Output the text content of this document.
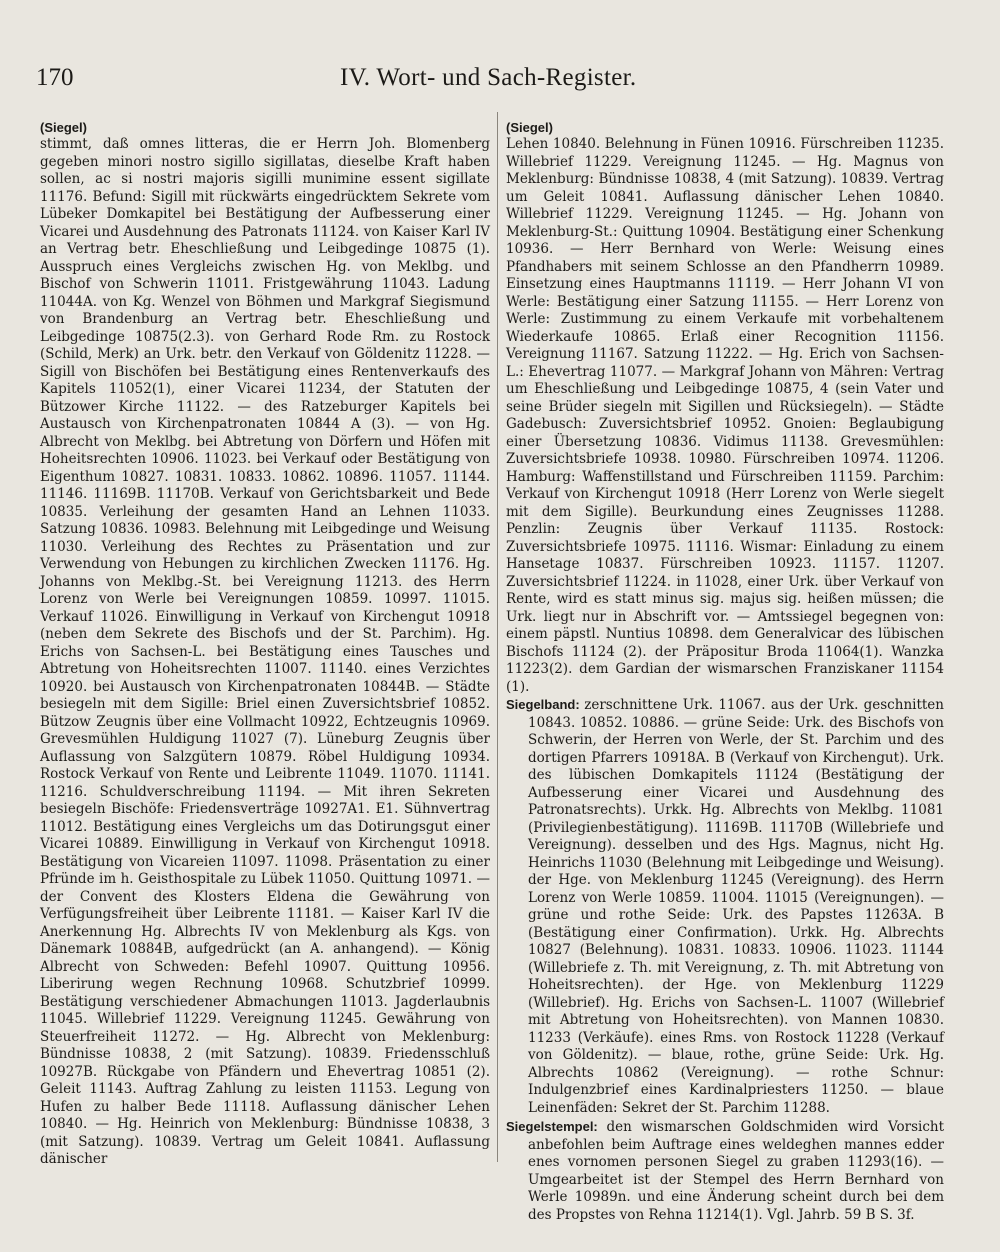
170	IV. Wort- und Sach-Register.
(Siegel)
stimmt, daß omnes litteras, die er Herrn Joh. Blomenberg gegeben minori nostro sigillo sigillatas, dieselbe Kraft haben sollen, ac si nostri majoris sigilli munimine essent sigillate 11176. Befund: Sigill mit rückwärts eingedrücktem Sekrete vom Lübeker Domkapitel bei Bestätigung der Aufbesserung einer Vicarei und Ausdehnung des Patronats 11124. von Kaiser Karl IV an Vertrag betr. Eheschließung und Leibgedinge 10875 (1). Ausspruch eines Vergleichs zwischen Hg. von Meklbg. und Bischof von Schwerin 11011. Fristgewährung 11043. Ladung 11044A. von Kg. Wenzel von Böhmen und Markgraf Siegismund von Brandenburg an Vertrag betr. Eheschließung und Leibgedinge 10875(2.3). von Gerhard Rode Rm. zu Rostock (Schild, Merk) an Urk. betr. den Verkauf von Göldenitz 11228. — Sigill von Bischöfen bei Bestätigung eines Rentenverkaufs des Kapitels 11052(1), einer Vicarei 11234, der Statuten der Bützower Kirche 11122. — des Ratzeburger Kapitels bei Austausch von Kirchenpatronaten 10844 A (3). — von Hg. Albrecht von Meklbg. bei Abtretung von Dörfern und Höfen mit Hoheitsrechten 10906. 11023. bei Verkauf oder Bestätigung von Eigenthum 10827. 10831. 10833. 10862. 10896. 11057. 11144. 11146. 11169B. 11170B. Verkauf von Gerichtsbarkeit und Bede 10835. Verleihung der gesamten Hand an Lehnen 11033. Satzung 10836. 10983. Belehnung mit Leibgedinge und Weisung 11030. Verleihung des Rechtes zu Präsentation und zur Verwendung von Hebungen zu kirchlichen Zwecken 11176. Hg. Johanns von Meklbg.-St. bei Vereignung 11213. des Herrn Lorenz von Werle bei Vereignungen 10859. 10997. 11015. Verkauf 11026. Einwilligung in Verkauf von Kirchengut 10918 (neben dem Sekrete des Bischofs und der St. Parchim). Hg. Erichs von Sachsen-L. bei Bestätigung eines Tausches und Abtretung von Hoheitsrechten 11007. 11140. eines Verzichtes 10920. bei Austausch von Kirchenpatronaten 10844B. — Städte besiegeln mit dem Sigille: Briel einen Zuversichtsbrief 10852. Bützow Zeugnis über eine Vollmacht 10922, Echtzeugnis 10969. Grevesmühlen Huldigung 11027 (7). Lüneburg Zeugnis über Auflassung von Salzgütern 10879. Röbel Huldigung 10934. Rostock Verkauf von Rente und Leibrente 11049. 11070. 11141. 11216. Schuldverschreibung 11194. — Mit ihren Sekreten besiegeln Bischöfe: Friedensverträge 10927A1. E1. Sühnvertrag 11012. Bestätigung eines Vergleichs um das Dotirungsgut einer Vicarei 10889. Einwilligung in Verkauf von Kirchengut 10918. Bestätigung von Vicareien 11097. 11098. Präsentation zu einer Pfründe im h. Geisthospitale zu Lübek 11050. Quittung 10971. — der Convent des Klosters Eldena die Gewährung von Verfügungsfreiheit über Leibrente 11181. — Kaiser Karl IV die Anerkennung Hg. Albrechts IV von Meklenburg als Kgs. von Dänemark 10884B, aufgedrückt (an A. anhangend). — König Albrecht von Schweden: Befehl 10907. Quittung 10956. Liberirung wegen Rechnung 10968. Schutzbrief 10999. Bestätigung verschiedener Abmachungen 11013. Jagderlaubnis 11045. Willebrief 11229. Vereignung 11245. Gewährung von Steuerfreiheit 11272. — Hg. Albrecht von Meklenburg: Bündnisse 10838, 2 (mit Satzung). 10839. Friedensschluß 10927B. Rückgabe von Pfändern und Ehevertrag 10851 (2). Geleit 11143. Auftrag Zahlung zu leisten 11153. Legung von Hufen zu halber Bede 11118. Auflassung dänischer Lehen 10840. — Hg. Heinrich von Meklenburg: Bündnisse 10838, 3 (mit Satzung). 10839. Vertrag um Geleit 10841. Auflassung dänischer
(Siegel)
Lehen 10840. Belehnung in Fünen 10916. Fürschreiben 11235. Willebrief 11229. Vereignung 11245. — Hg. Magnus von Meklenburg: Bündnisse 10838, 4 (mit Satzung). 10839. Vertrag um Geleit 10841. Auflassung dänischer Lehen 10840. Willebrief 11229. Vereignung 11245. — Hg. Johann von Meklenburg-St.: Quittung 10904. Bestätigung einer Schenkung 10936. — Herr Bernhard von Werle: Weisung eines Pfandhabers mit seinem Schlosse an den Pfandherrn 10989. Einsetzung eines Hauptmanns 11119. — Herr Johann VI von Werle: Bestätigung einer Satzung 11155. — Herr Lorenz von Werle: Zustimmung zu einem Verkaufe mit vorbehaltenem Wiederkaufe 10865. Erlaß einer Recognition 11156. Vereignung 11167. Satzung 11222. — Hg. Erich von Sachsen-L.: Ehevertrag 11077. — Markgraf Johann von Mähren: Vertrag um Eheschließung und Leibgedinge 10875, 4 (sein Vater und seine Brüder siegeln mit Sigillen und Rücksiegeln). — Städte Gadebusch: Zuversichtsbrief 10952. Gnoien: Beglaubigung einer Übersetzung 10836. Vidimus 11138. Grevesmühlen: Zuversichtsbriefe 10938. 10980. Fürschreiben 10974. 11206. Hamburg: Waffenstillstand und Fürschreiben 11159. Parchim: Verkauf von Kirchengut 10918 (Herr Lorenz von Werle siegelt mit dem Sigille). Beurkundung eines Zeugnisses 11288. Penzlin: Zeugnis über Verkauf 11135. Rostock: Zuversichtsbriefe 10975. 11116. Wismar: Einladung zu einem Hansetage 10837. Fürschreiben 10923. 11157. 11207. Zuversichtsbrief 11224. in 11028, einer Urk. über Verkauf von Rente, wird es statt minus sig. majus sig. heißen müssen; die Urk. liegt nur in Abschrift vor. — Amtssiegel begegnen von: einem päpstl. Nuntius 10898. dem Generalvicar des lübischen Bischofs 11124 (2). der Präpositur Broda 11064(1). Wanzka 11223(2). dem Gardian der wismarschen Franziskaner 11154 (1).
Siegelband: zerschnittene Urk. 11067. aus der Urk. geschnitten 10843. 10852. 10886. — grüne Seide: Urk. des Bischofs von Schwerin, der Herren von Werle, der St. Parchim und des dortigen Pfarrers 10918A. B (Verkauf von Kirchengut). Urk. des lübischen Domkapitels 11124 (Bestätigung der Aufbesserung einer Vicarei und Ausdehnung des Patronatsrechts). Urkk. Hg. Albrechts von Meklbg. 11081 (Privilegienbestätigung). 11169B. 11170B (Willebriefe und Vereignung). desselben und des Hgs. Magnus, nicht Hg. Heinrichs 11030 (Belehnung mit Leibgedinge und Weisung). der Hge. von Meklenburg 11245 (Vereignung). des Herrn Lorenz von Werle 10859. 11004. 11015 (Vereignungen). — grüne und rothe Seide: Urk. des Papstes 11263A. B (Bestätigung einer Confirmation). Urkk. Hg. Albrechts 10827 (Belehnung). 10831. 10833. 10906. 11023. 11144 (Willebriefe z. Th. mit Vereignung, z. Th. mit Abtretung von Hoheitsrechten). der Hge. von Meklenburg 11229 (Willebrief). Hg. Erichs von Sachsen-L. 11007 (Willebrief mit Abtretung von Hoheitsrechten). von Mannen 10830. 11233 (Verkäufe). eines Rms. von Rostock 11228 (Verkauf von Göldenitz). — blaue, rothe, grüne Seide: Urk. Hg. Albrechts 10862 (Vereignung). — rothe Schnur: Indulgenzbrief eines Kardinalpriesters 11250. — blaue Leinenfäden: Sekret der St. Parchim 11288.
Siegelstempel: den wismarschen Goldschmiden wird Vorsicht anbefohlen beim Auftrage eines weldeghen mannes edder enes vornomen personen Siegel zu graben 11293(16). — Umgearbeitet ist der Stempel des Herrn Bernhard von Werle 10989n. und eine Änderung scheint durch bei dem des Propstes von Rehna 11214(1). Vgl. Jahrb. 59 B S. 3f.
